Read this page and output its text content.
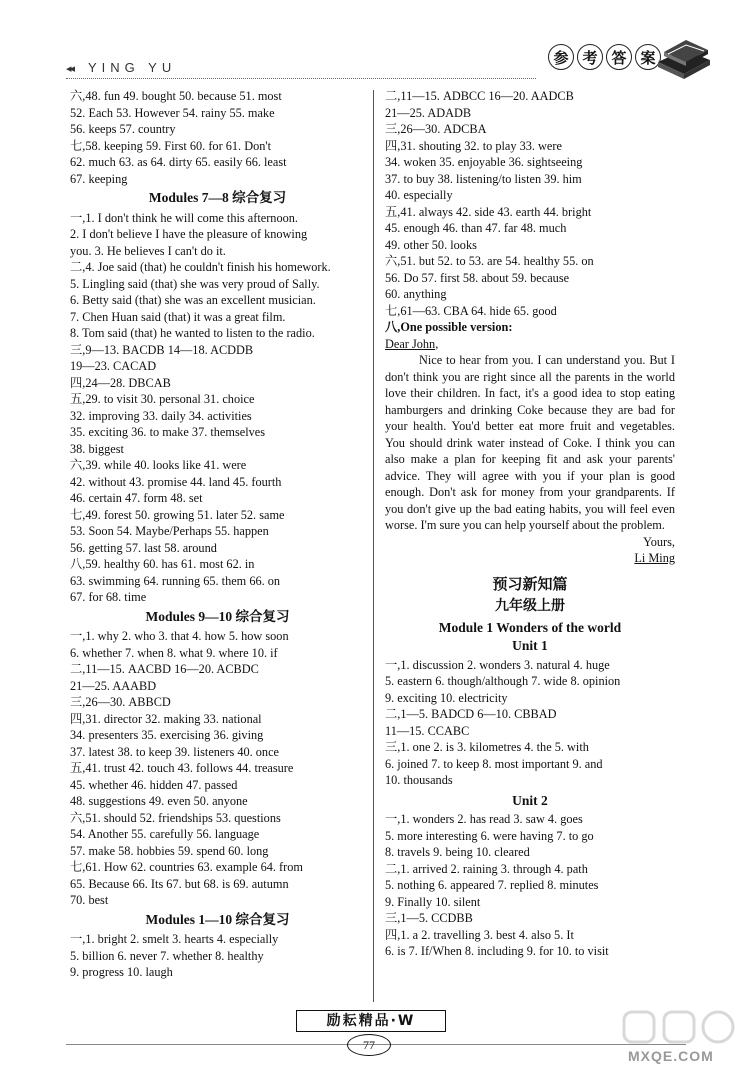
◂◂ YING YU
参 考 答 案

六,48. fun 49. bought 50. because 51. most

52. Each 53. However 54. rainy 55. make

56. keeps 57. country

七,58. keeping 59. First 60. for 61. Don't

62. much 63. as 64. dirty 65. easily 66. least

67. keeping

Modules 7—8 综合复习

一,1. I don't think he will come this afternoon.

2. I don't believe I have the pleasure of knowing

you. 3. He believes I can't do it.

二,4. Joe said (that) he couldn't finish his homework.

5. Lingling said (that) she was very proud of Sally.

6. Betty said (that) she was an excellent musician.

7. Chen Huan said (that) it was a great film.

8. Tom said (that) he wanted to listen to the radio.

三,9—13. BACDB 14—18. ACDDB

19—23. CACAD

四,24—28. DBCAB

五,29. to visit 30. personal 31. choice

32. improving 33. daily 34. activities

35. exciting 36. to make 37. themselves

38. biggest

六,39. while 40. looks like 41. were

42. without 43. promise 44. land 45. fourth

46. certain 47. form 48. set

七,49. forest 50. growing 51. later 52. same

53. Soon 54. Maybe/Perhaps 55. happen

56. getting 57. last 58. around

八,59. healthy 60. has 61. most 62. in

63. swimming 64. running 65. them 66. on

67. for 68. time

Modules 9—10 综合复习

一,1. why 2. who 3. that 4. how 5. how soon

6. whether 7. when 8. what 9. where 10. if

二,11—15. AACBD 16—20. ACBDC

21—25. AAABD

三,26—30. ABBCD

四,31. director 32. making 33. national

34. presenters 35. exercising 36. giving

37. latest 38. to keep 39. listeners 40. once

五,41. trust 42. touch 43. follows 44. treasure

45. whether 46. hidden 47. passed

48. suggestions 49. even 50. anyone

六,51. should 52. friendships 53. questions

54. Another 55. carefully 56. language

57. make 58. hobbies 59. spend 60. long

七,61. How 62. countries 63. example 64. from

65. Because 66. Its 67. but 68. is 69. autumn

70. best

Modules 1—10 综合复习

一,1. bright 2. smelt 3. hearts 4. especially

5. billion 6. never 7. whether 8. healthy

9. progress 10. laugh

二,11—15. ADBCC 16—20. AADCB

21—25. ADADB

三,26—30. ADCBA

四,31. shouting 32. to play 33. were

34. woken 35. enjoyable 36. sightseeing

37. to buy 38. listening/to listen 39. him

40. especially

五,41. always 42. side 43. earth 44. bright

45. enough 46. than 47. far 48. much

49. other 50. looks

六,51. but 52. to 53. are 54. healthy 55. on

56. Do 57. first 58. about 59. because

60. anything

七,61—63. CBA 64. hide 65. good

八,One possible version:

Dear John,

Nice to hear from you. I can understand you. But I don't think you are right since all the parents in the world love their children. In fact, it's a good idea to stop eating hamburgers and drinking Coke because they are bad for your health. You'd better eat more fruit and vegetables. You should drink water instead of Coke. I think you can also make a plan for keeping fit and ask your parents' advice. They will agree with you if your plan is good enough. Don't ask for money from your grandparents. If you don't give up the bad eating habits, you will feel even worse. I'm sure you can help yourself about the problem.

Yours,

Li Ming

预习新知篇

九年级上册

Module 1 Wonders of the world

Unit 1

一,1. discussion 2. wonders 3. natural 4. huge

5. eastern 6. though/although 7. wide 8. opinion

9. exciting 10. electricity

二,1—5. BADCD 6—10. CBBAD

11—15. CCABC

三,1. one 2. is 3. kilometres 4. the 5. with

6. joined 7. to keep 8. most important 9. and

10. thousands

Unit 2

一,1. wonders 2. has read 3. saw 4. goes

5. more interesting 6. were having 7. to go

8. travels 9. being 10. cleared

二,1. arrived 2. raining 3. through 4. path

5. nothing 6. appeared 7. replied 8. minutes

9. Finally 10. silent

三,1—5. CCDBB

四,1. a 2. travelling 3. best 4. also 5. It

6. is 7. If/When 8. including 9. for 10. to visit

励耘精品·W
77
MXQE.COM
